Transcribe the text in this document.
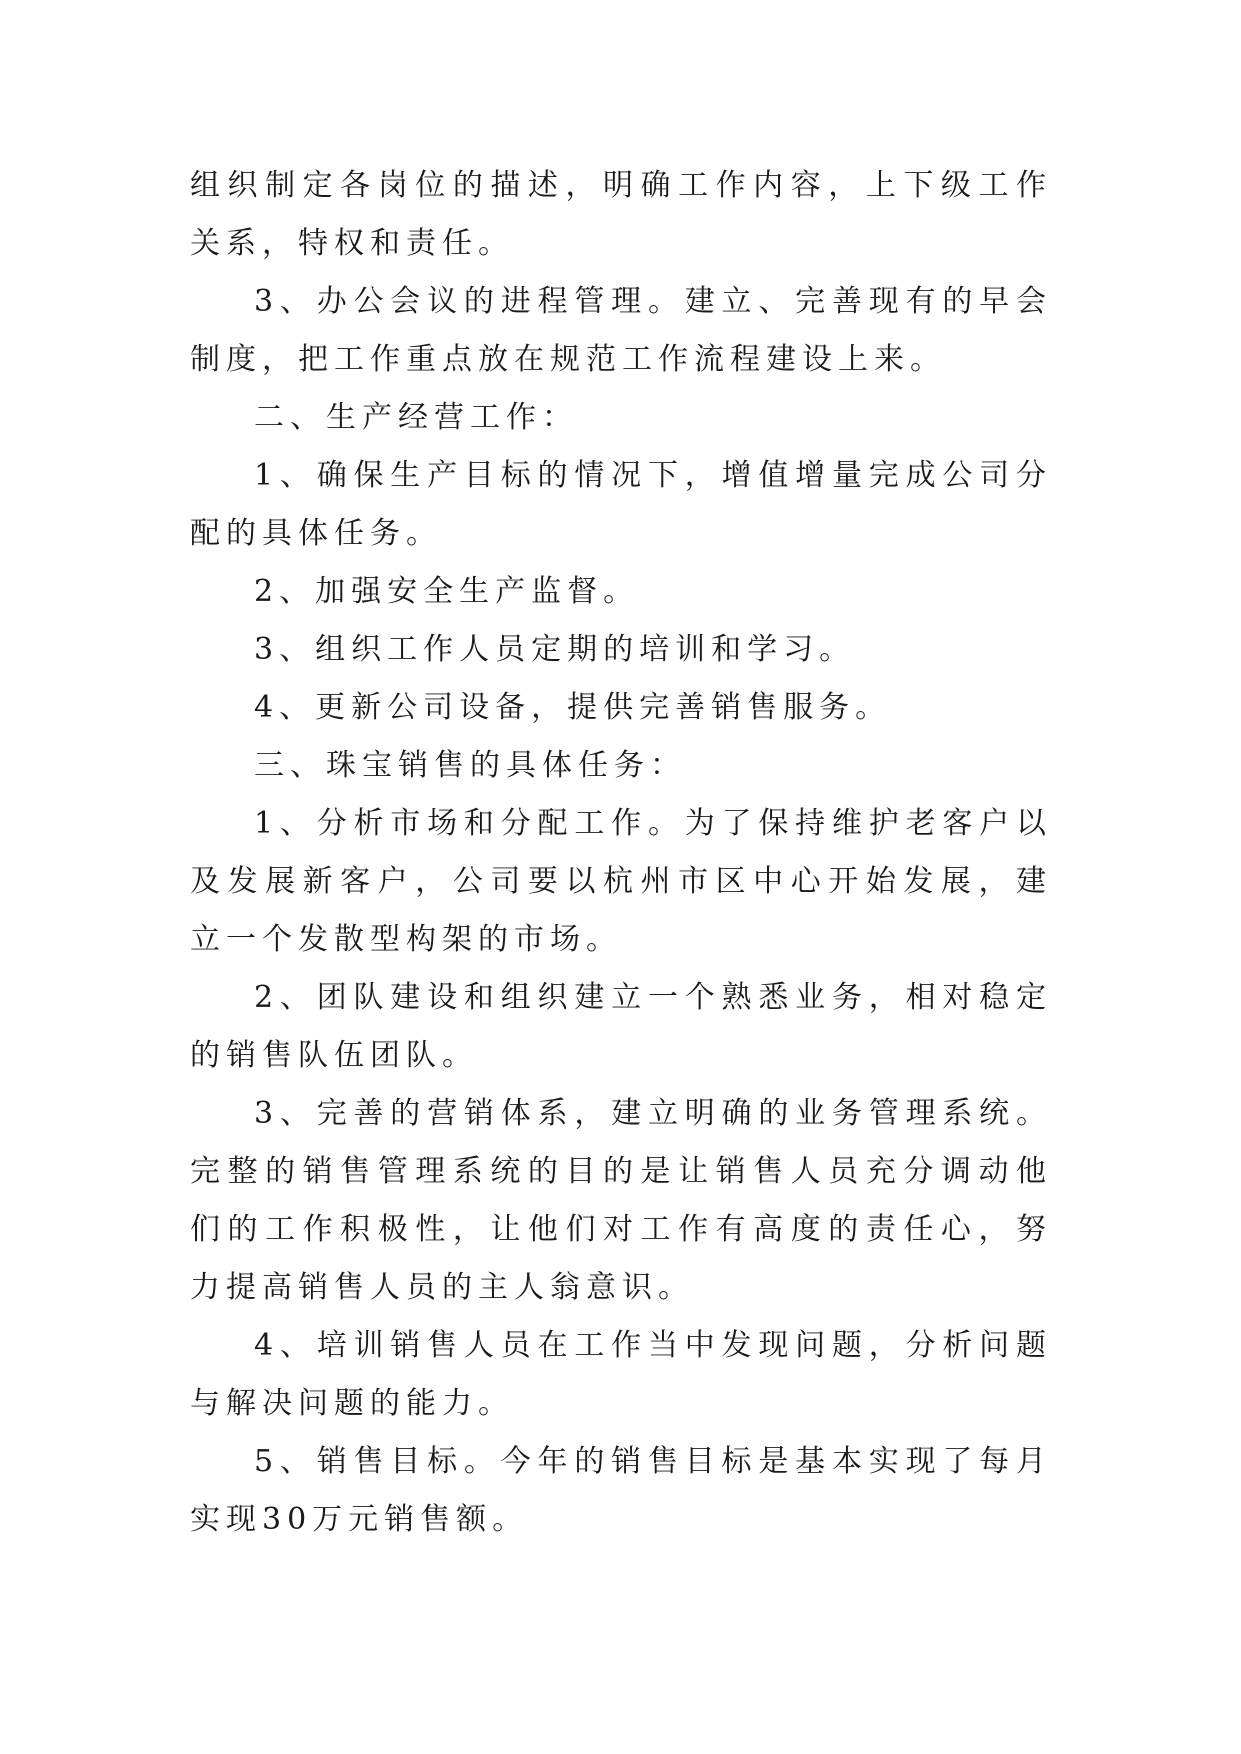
组织制定各岗位的描述，明确工作内容，上下级工作关系，特权和责任。

3、办公会议的进程管理。建立、完善现有的早会制度，把工作重点放在规范工作流程建设上来。

二、生产经营工作：

1、确保生产目标的情况下，增值增量完成公司分配的具体任务。

2、加强安全生产监督。

3、组织工作人员定期的培训和学习。

4、更新公司设备，提供完善销售服务。

三、珠宝销售的具体任务：

1、分析市场和分配工作。为了保持维护老客户以及发展新客户，公司要以杭州市区中心开始发展，建立一个发散型构架的市场。

2、团队建设和组织建立一个熟悉业务，相对稳定的销售队伍团队。

3、完善的营销体系，建立明确的业务管理系统。完整的销售管理系统的目的是让销售人员充分调动他们的工作积极性，让他们对工作有高度的责任心，努力提高销售人员的主人翁意识。

4、培训销售人员在工作当中发现问题，分析问题与解决问题的能力。

5、销售目标。今年的销售目标是基本实现了每月实现30万元销售额。
